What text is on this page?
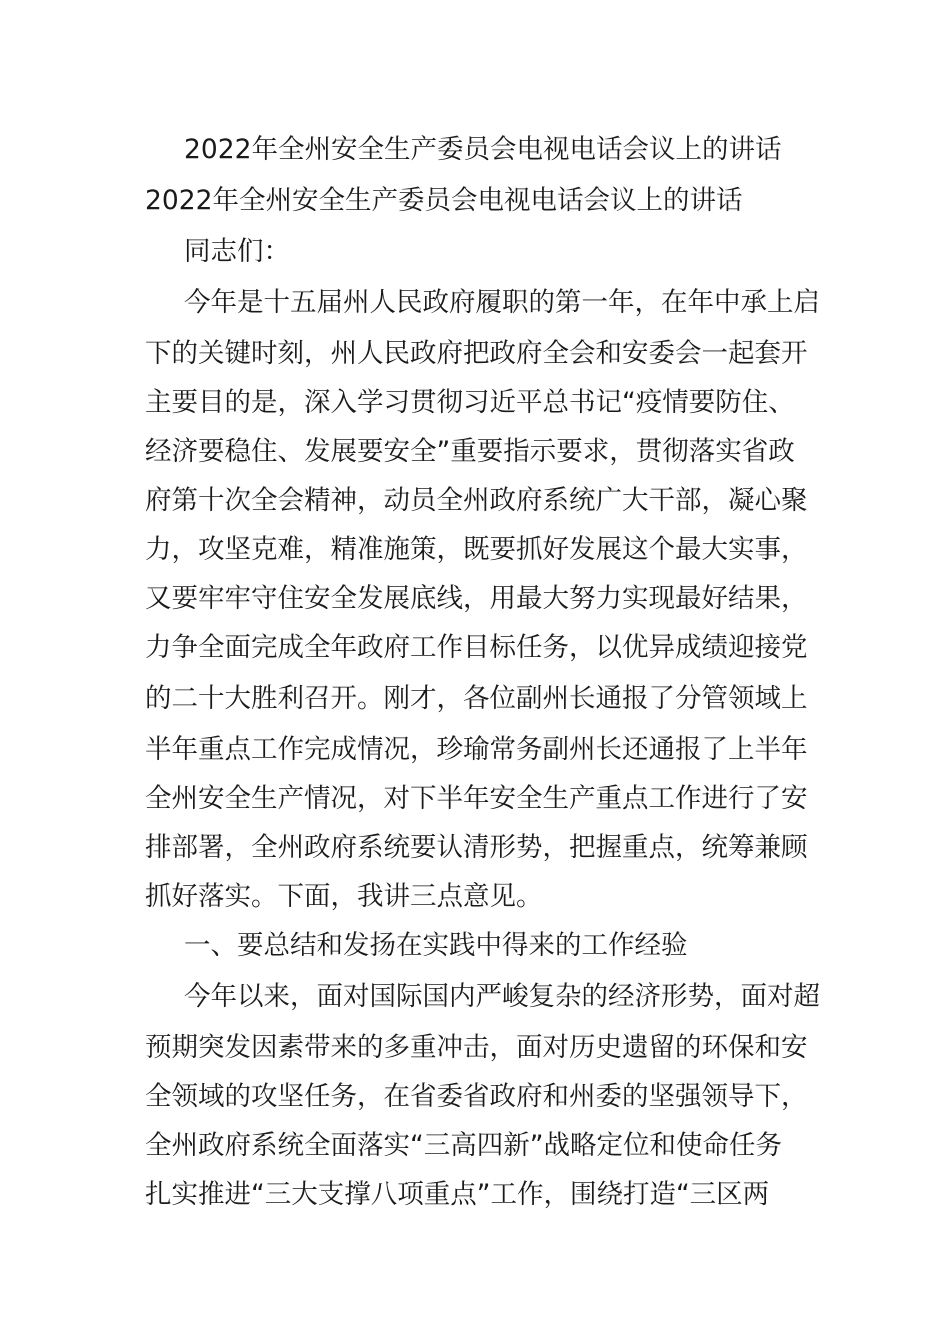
2022年全州安全生产委员会电视电话会议上的讲话
2022年全州安全生产委员会电视电话会议上的讲话
同志们：
今年是十五届州人民政府履职的第一年，在年中承上启
下的关键时刻，州人民政府把政府全会和安委会一起套开
主要目的是，深入学习贯彻习近平总书记“疫情要防住、
经济要稳住、发展要安全”重要指示要求，贯彻落实省政
府第十次全会精神，动员全州政府系统广大干部，凝心聚
力，攻坚克难，精准施策，既要抓好发展这个最大实事，
又要牢牢守住安全发展底线，用最大努力实现最好结果，
力争全面完成全年政府工作目标任务，以优异成绩迎接党
的二十大胜利召开。刚才，各位副州长通报了分管领域上
半年重点工作完成情况，珍瑜常务副州长还通报了上半年
全州安全生产情况，对下半年安全生产重点工作进行了安
排部署，全州政府系统要认清形势，把握重点，统筹兼顾
抓好落实。下面，我讲三点意见。
一、要总结和发扬在实践中得来的工作经验
今年以来，面对国际国内严峻复杂的经济形势，面对超
预期突发因素带来的多重冲击，面对历史遗留的环保和安
全领域的攻坚任务，在省委省政府和州委的坚强领导下，
全州政府系统全面落实“三高四新”战略定位和使命任务
扎实推进“三大支撑八项重点”工作，围绕打造“三区两
